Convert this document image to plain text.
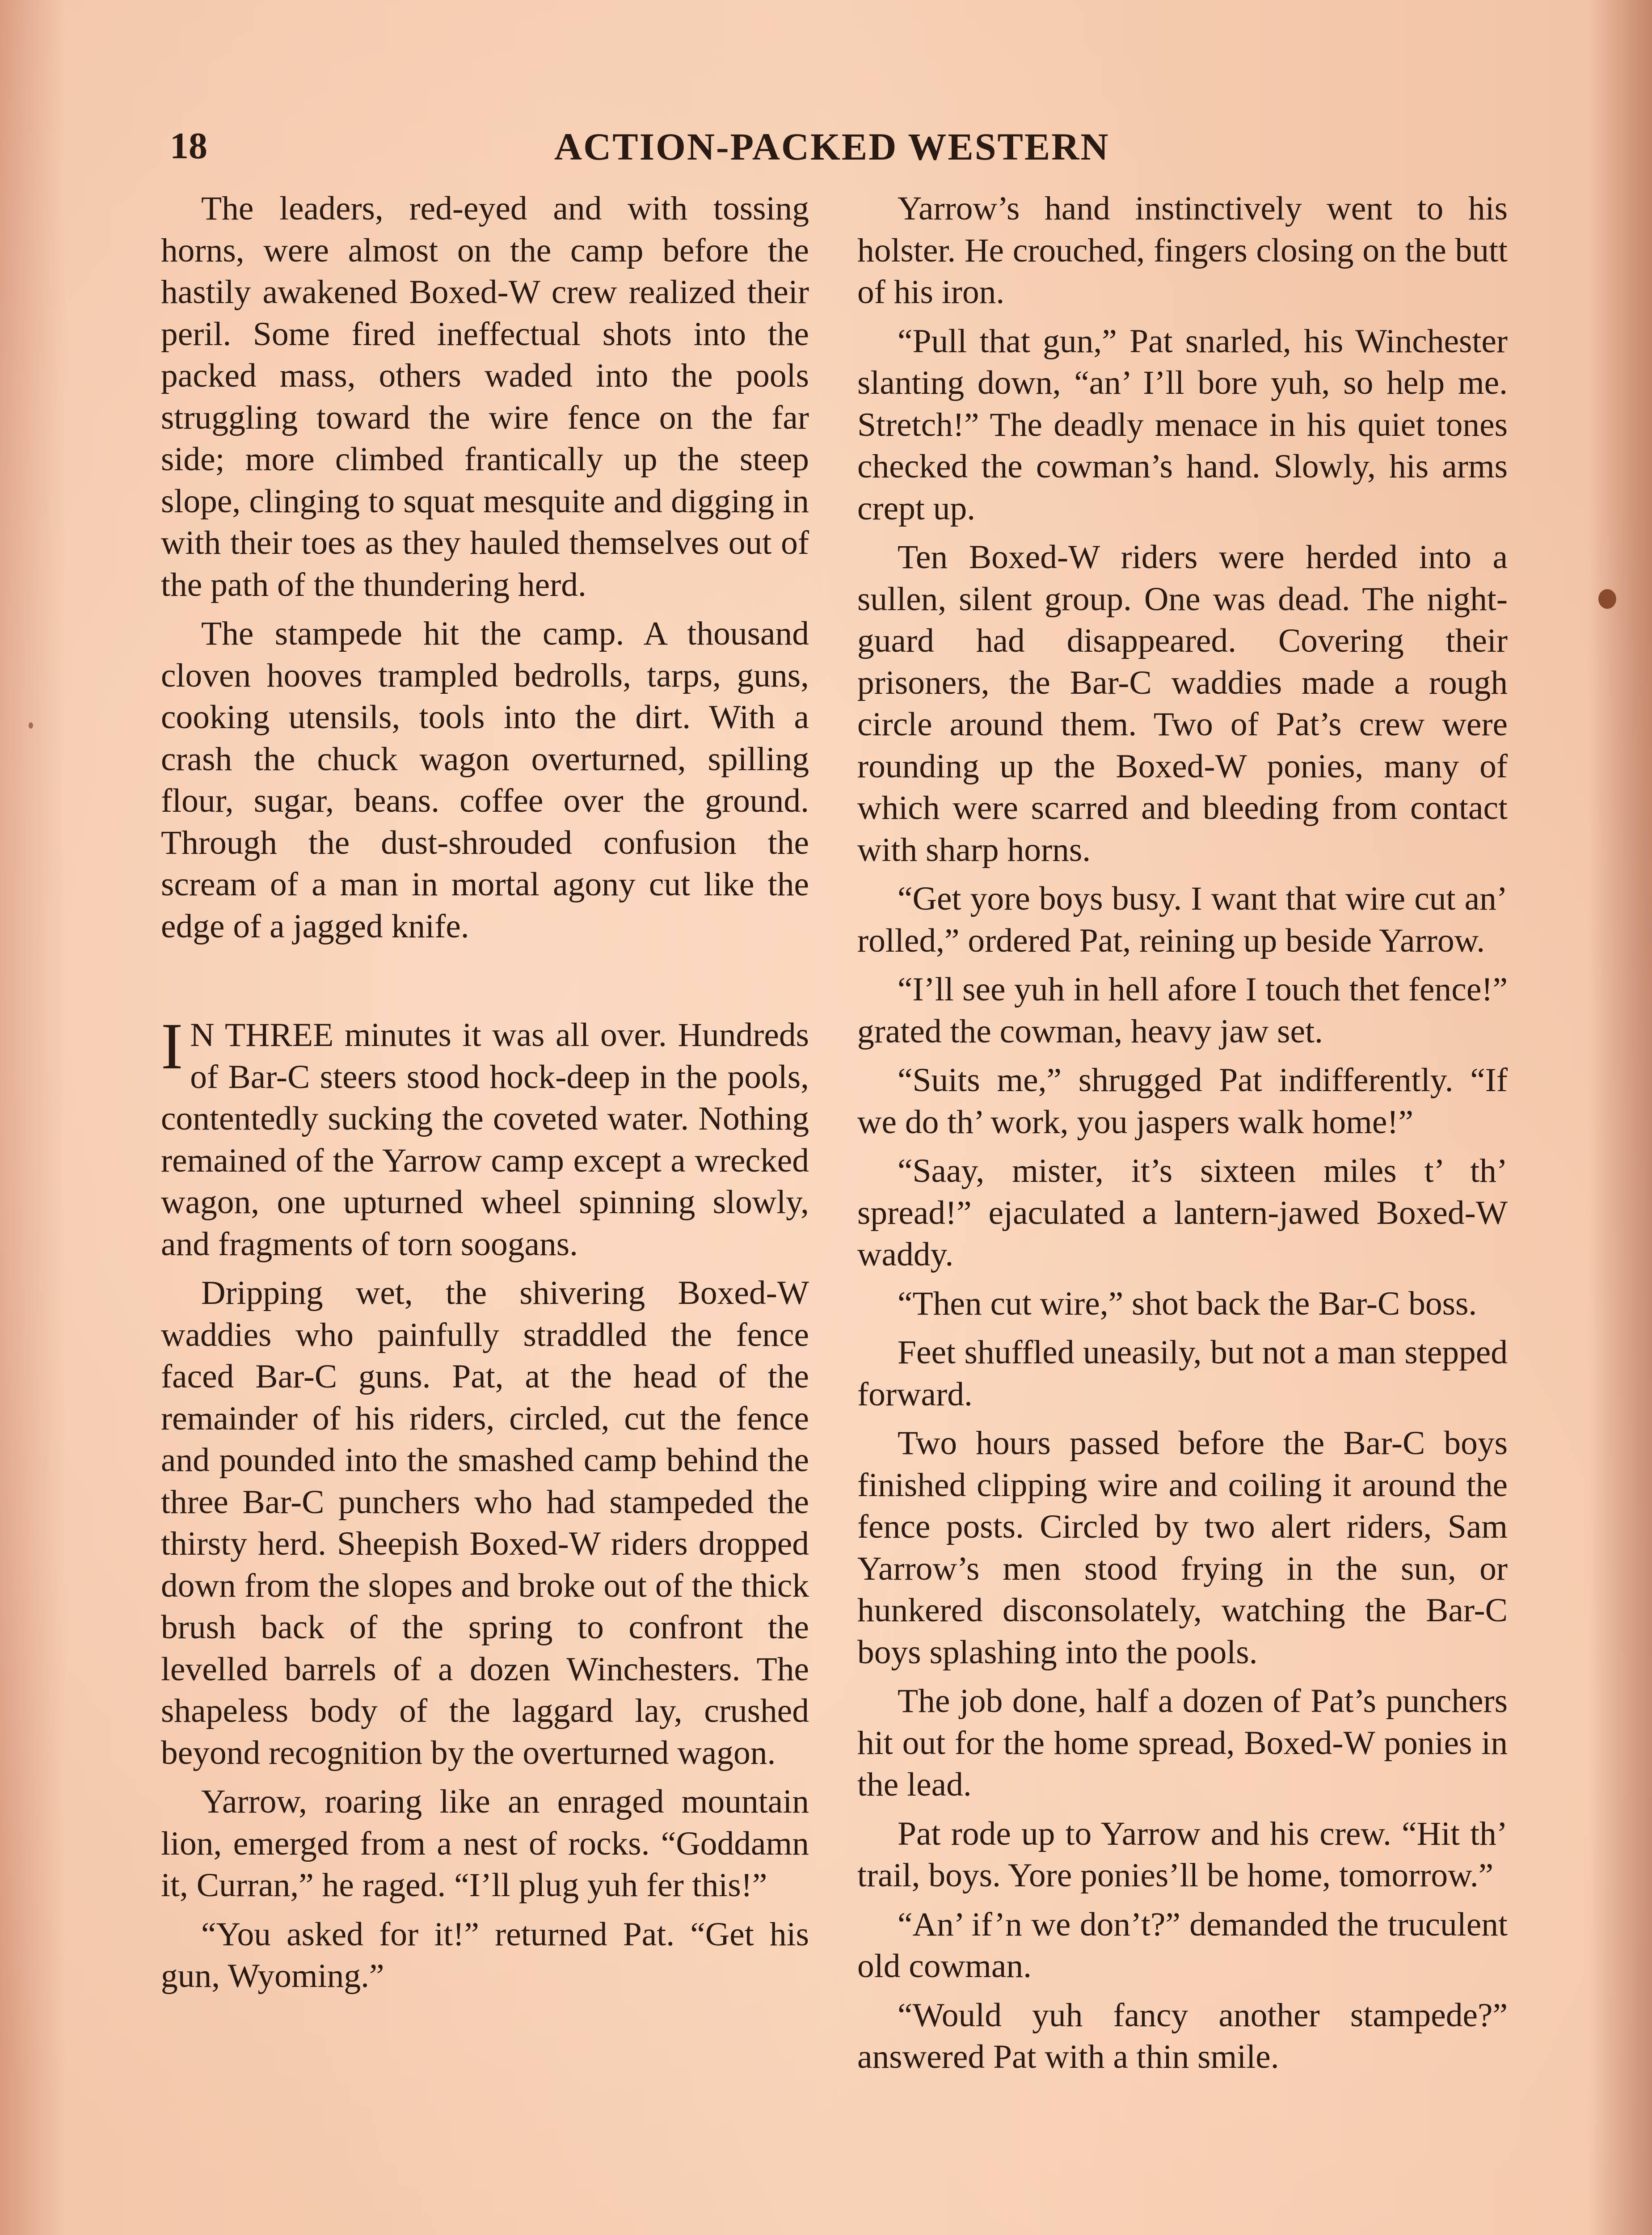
18	ACTION-PACKED WESTERN

The leaders, red-eyed and with tossing horns, were almost on the camp before the hastily awakened Boxed-W crew realized their peril. Some fired ineffectual shots into the packed mass, others waded into the pools struggling toward the wire fence on the far side; more climbed frantically up the steep slope, clinging to squat mesquite and digging in with their toes as they hauled themselves out of the path of the thundering herd.

The stampede hit the camp. A thousand cloven hooves trampled bedrolls, tarps, guns, cooking utensils, tools into the dirt. With a crash the chuck wagon overturned, spilling flour, sugar, beans. coffee over the ground. Through the dust-shrouded confusion the scream of a man in mortal agony cut like the edge of a jagged knife.

I N THREE minutes it was all over. Hundreds of Bar-C steers stood hock-deep in the pools, contentedly sucking the coveted water. Nothing remained of the Yarrow camp except a wrecked wagon, one upturned wheel spinning slowly, and fragments of torn soogans.

Dripping wet, the shivering Boxed-W waddies who painfully straddled the fence faced Bar-C guns. Pat, at the head of the remainder of his riders, circled, cut the fence and pounded into the smashed camp behind the three Bar-C punchers who had stampeded the thirsty herd. Sheepish Boxed-W riders dropped down from the slopes and broke out of the thick brush back of the spring to confront the levelled barrels of a dozen Winchesters. The shapeless body of the laggard lay, crushed beyond recognition by the overturned wagon.

Yarrow, roaring like an enraged mountain lion, emerged from a nest of rocks. “Goddamn it, Curran,” he raged. “I’ll plug yuh fer this!”

“You asked for it!” returned Pat. “Get his gun, Wyoming.”

Yarrow’s hand instinctively went to his holster. He crouched, fingers closing on the butt of his iron.

“Pull that gun,” Pat snarled, his Winchester slanting down, “an’ I’ll bore yuh, so help me. Stretch!” The deadly menace in his quiet tones checked the cowman’s hand. Slowly, his arms crept up.

Ten Boxed-W riders were herded into a sullen, silent group. One was dead. The night-guard had disappeared. Covering their prisoners, the Bar-C waddies made a rough circle around them. Two of Pat’s crew were rounding up the Boxed-W ponies, many of which were scarred and bleeding from contact with sharp horns.

“Get yore boys busy. I want that wire cut an’ rolled,” ordered Pat, reining up beside Yarrow.

“I’ll see yuh in hell afore I touch thet fence!” grated the cowman, heavy jaw set.

“Suits me,” shrugged Pat indifferently. “If we do th’ work, you jaspers walk home!”

“Saay, mister, it’s sixteen miles t’ th’ spread!” ejaculated a lantern-jawed Boxed-W waddy.

“Then cut wire,” shot back the Bar-C boss.

Feet shuffled uneasily, but not a man stepped forward.

Two hours passed before the Bar-C boys finished clipping wire and coiling it around the fence posts. Circled by two alert riders, Sam Yarrow’s men stood frying in the sun, or hunkered disconsolately, watching the Bar-C boys splashing into the pools.

The job done, half a dozen of Pat’s punchers hit out for the home spread, Boxed-W ponies in the lead.

Pat rode up to Yarrow and his crew. “Hit th’ trail, boys. Yore ponies’ll be home, tomorrow.”

“An’ if’n we don’t?” demanded the truculent old cowman.

“Would yuh fancy another stampede?” answered Pat with a thin smile.
